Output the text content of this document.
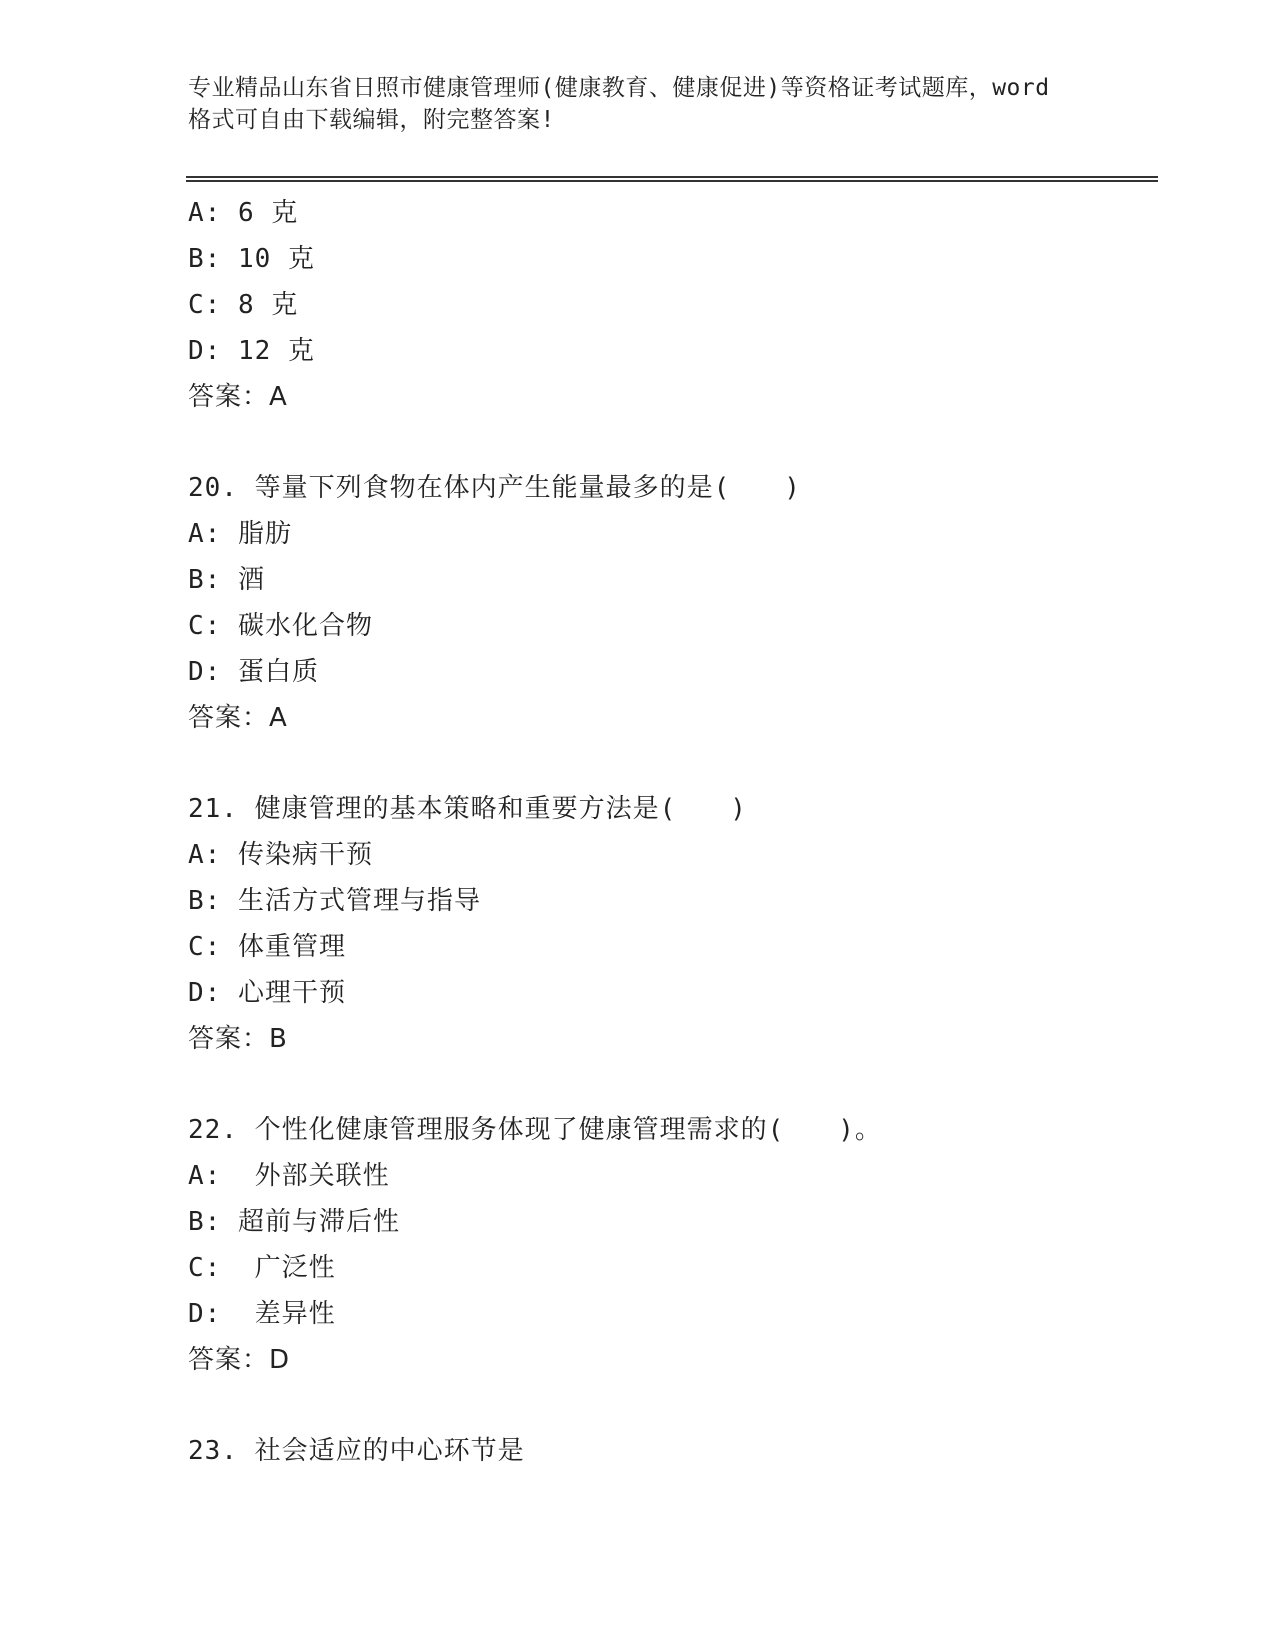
专业精品山东省日照市健康管理师(健康教育、健康促进)等资格证考试题库，word
格式可自由下载编辑，附完整答案!
A: 6 克
B: 10 克
C: 8 克
D: 12 克
答案：A
20. 等量下列食物在体内产生能量最多的是(　　)
A: 脂肪
B: 酒
C: 碳水化合物
D: 蛋白质
答案：A
21. 健康管理的基本策略和重要方法是(　　)
A: 传染病干预
B: 生活方式管理与指导
C: 体重管理
D: 心理干预
答案：B
22. 个性化健康管理服务体现了健康管理需求的(　　)。
A:  外部关联性
B: 超前与滞后性
C:  广泛性
D:  差异性
答案：D
23. 社会适应的中心环节是
